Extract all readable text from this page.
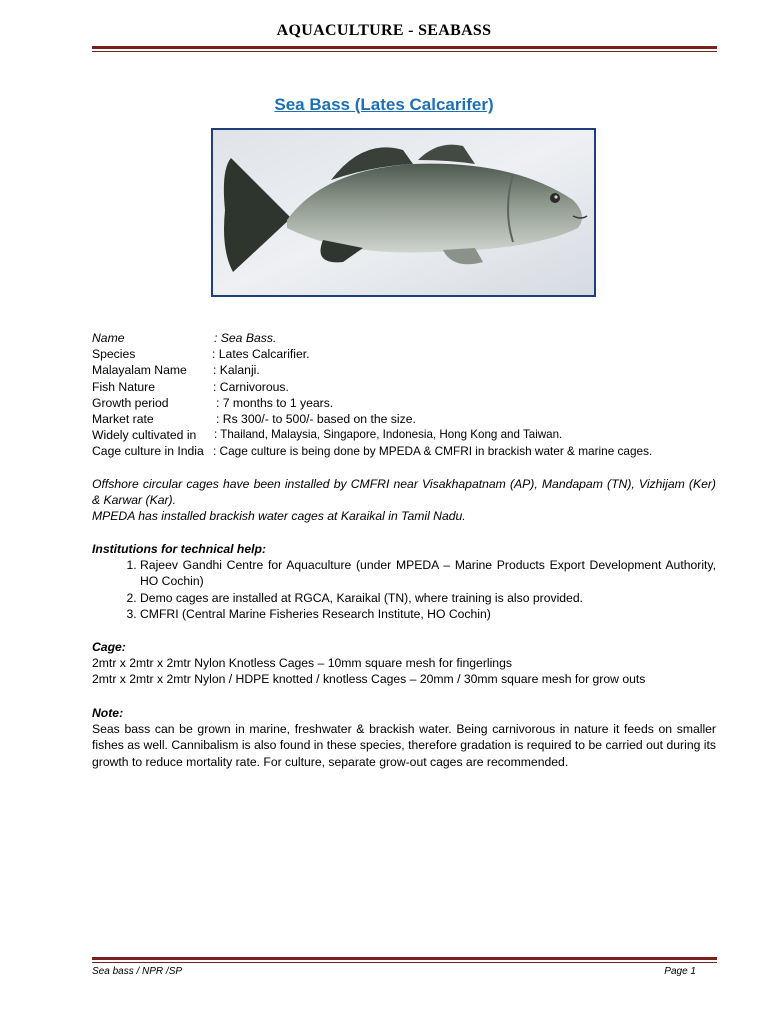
AQUACULTURE - SEABASS
Sea Bass (Lates Calcarifer)
Name	: Sea Bass.
Species	: Lates Calcarifier.
Malayalam Name : Kalanji.
Fish Nature	: Carnivorous.
Growth period	: 7 months to 1 years.
Market rate	: Rs 300/- to 500/- based on the size.
Widely cultivated in : Thailand, Malaysia, Singapore, Indonesia, Hong Kong and Taiwan.
Cage culture in India : Cage culture is being done by MPEDA & CMFRI in brackish water & marine cages.
Offshore circular cages have been installed by CMFRI near Visakhapatnam (AP), Mandapam (TN), Vizhijam (Ker) & Karwar (Kar).
MPEDA has installed brackish water cages at Karaikal in Tamil Nadu.
Institutions for technical help:
1. Rajeev Gandhi Centre for Aquaculture (under MPEDA – Marine Products Export Development Authority, HO Cochin)
2. Demo cages are installed at RGCA, Karaikal (TN), where training is also provided.
3. CMFRI (Central Marine Fisheries Research Institute, HO Cochin)
Cage:
2mtr x 2mtr x 2mtr Nylon Knotless Cages – 10mm square mesh for fingerlings
2mtr x 2mtr x 2mtr Nylon / HDPE knotted / knotless Cages – 20mm / 30mm square mesh for grow outs
Note:
Seas bass can be grown in marine, freshwater & brackish water. Being carnivorous in nature it feeds on smaller fishes as well. Cannibalism is also found in these species, therefore gradation is required to be carried out during its growth to reduce mortality rate. For culture, separate grow-out cages are recommended.
Sea bass / NPR /SP	Page 1
